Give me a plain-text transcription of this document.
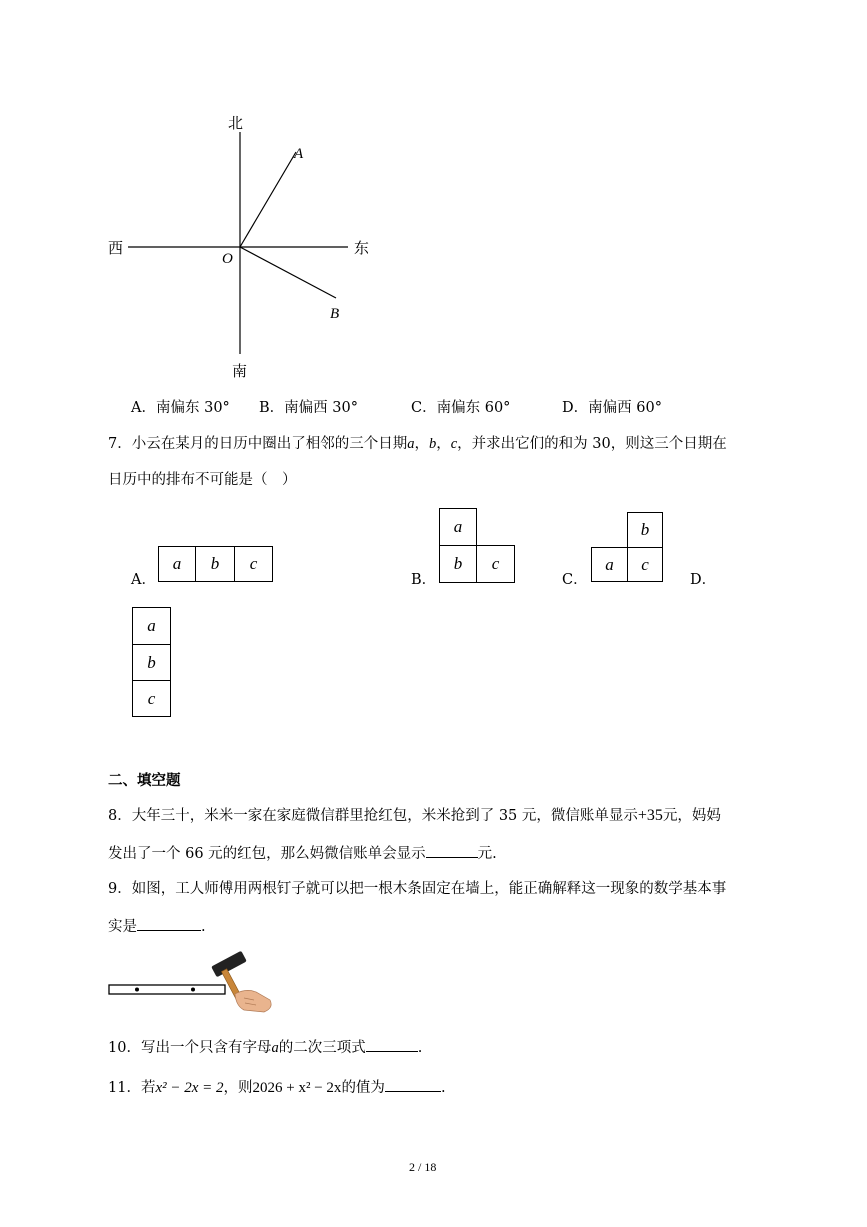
北
南
东
西
O
A
B
A．南偏东 30° B．南偏西 30°	C．南偏东 60°	D．南偏西 60°
7．小云在某月的日历中圈出了相邻的三个日期a，b，c，并求出它们的和为 30，则这三个日期在
日历中的排布不可能是（　）
A．
a	b	c
B．
a
b	c
C．
b
a	c
D．
a
b
c
二、填空题
8．大年三十，米米一家在家庭微信群里抢红包，米米抢到了 35 元，微信账单显示+35元，妈妈
发出了一个 66 元的红包，那么妈微信账单会显示	元.
9．如图，工人师傅用两根钉子就可以把一根木条固定在墙上，能正确解释这一现象的数学基本事
实是	.
10．写出一个只含有字母a的二次三项式	.
11．若x² − 2x = 2，则2026 + x² − 2x的值为	.
2 / 18
